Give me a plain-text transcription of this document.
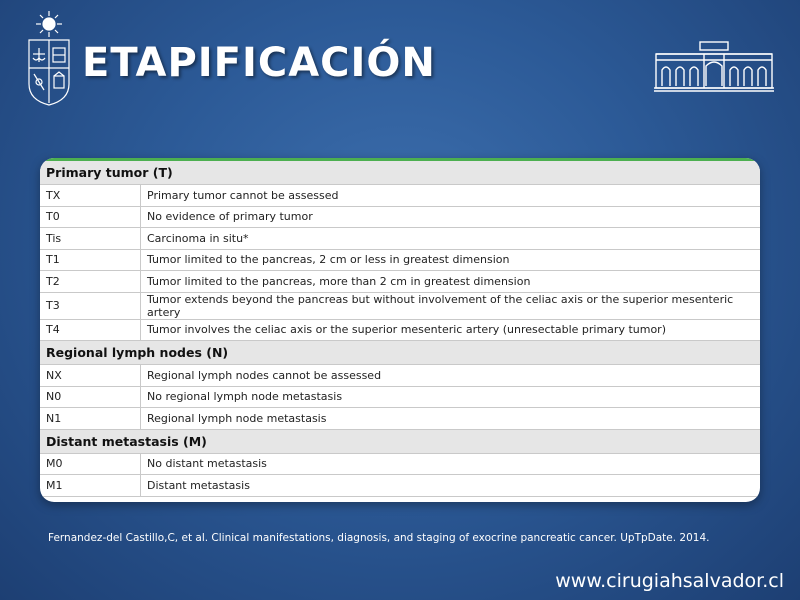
ETAPIFICACIÓN
Primary tumor (T)	
TX	Primary tumor cannot be assessed
T0	No evidence of primary tumor
Tis	Carcinoma in situ*
T1	Tumor limited to the pancreas, 2 cm or less in greatest dimension
T2	Tumor limited to the pancreas, more than 2 cm in greatest dimension
T3	Tumor extends beyond the pancreas but without involvement of the celiac axis or the superior mesenteric artery
T4	Tumor involves the celiac axis or the superior mesenteric artery (unresectable primary tumor)
Regional lymph nodes (N)	
NX	Regional lymph nodes cannot be assessed
N0	No regional lymph node metastasis
N1	Regional lymph node metastasis
Distant metastasis (M)	
M0	No distant metastasis
M1	Distant metastasis

Fernandez-del Castillo,C, et al. Clinical manifestations, diagnosis, and staging of exocrine pancreatic cancer. UpTpDate. 2014.

www.cirugiahsalvador.cl
